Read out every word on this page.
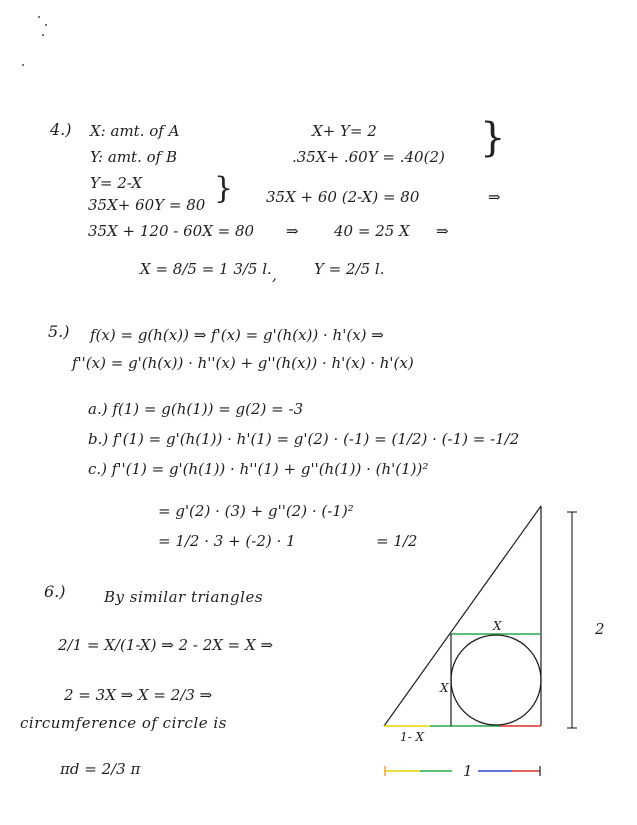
4.) X: amt. of A
Y: amt. of B
X+ Y= 2
.35X+ .60Y = .40(2) }
Y= 2-X
35X+ 60Y = 80 } 35X + 60 (2-X) = 80	⇒
35X + 120 - 60X = 80 ⇒ 40 = 25 X ⇒
X = 8/5 = 1 3/5 l. , Y = 2/5 l.
5.) f(x) = g(h(x)) ⇒ f'(x) = g'(h(x)) · h'(x) ⇒
f''(x) = g'(h(x)) · h''(x) + g''(h(x)) · h'(x) · h'(x)
a.) f(1) = g(h(1)) = g(2) = -3
b.) f'(1) = g'(h(1)) · h'(1) = g'(2) · (-1) = (1/2) · (-1) = -1/2
c.) f''(1) = g'(h(1)) · h''(1) + g''(h(1)) · (h'(1))²
= g'(2) · (3) + g''(2) · (-1)²
= 1/2 · 3 + (-2) · 1	= 1/2
6.)	By similar triangles
2/1 = X/(1-X) ⇒ 2 - 2X = X ⇒
2 = 3X ⇒ X = 2/3 ⇒
circumference of circle is
πd = 2/3 π
X
X
1- X
2
1
